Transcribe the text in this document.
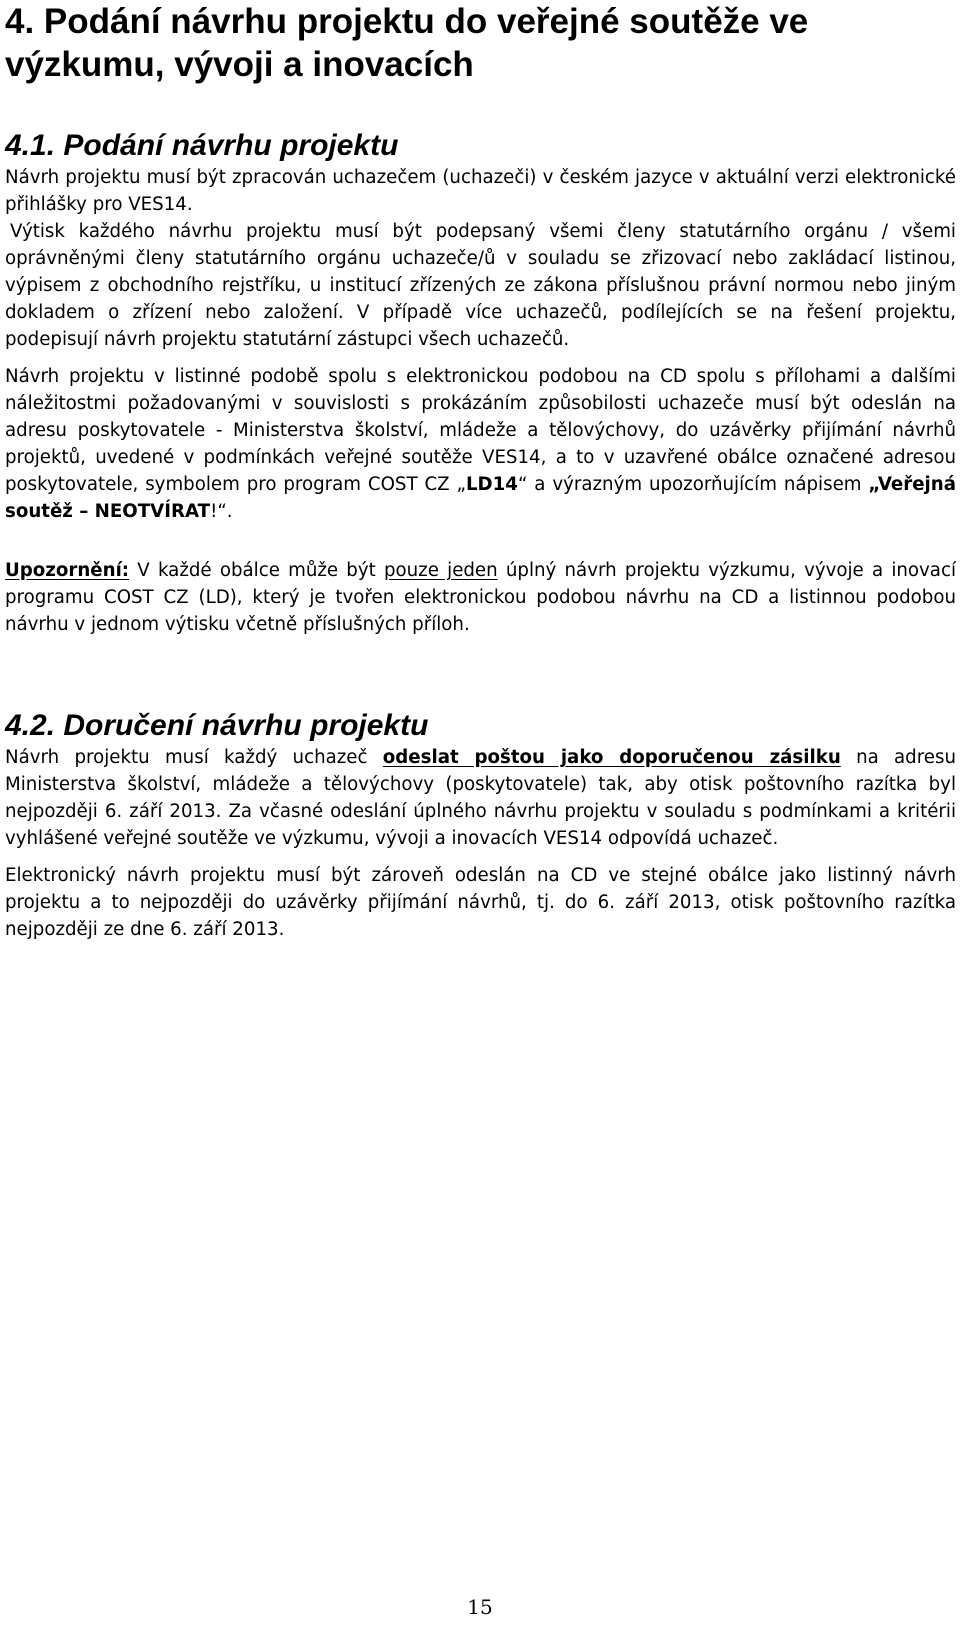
4. Podání návrhu projektu do veřejné soutěže ve výzkumu, vývoji a inovacích
4.1. Podání návrhu projektu

Návrh projektu musí být zpracován uchazečem (uchazeči) v českém jazyce v aktuální verzi elektronické přihlášky pro VES14.

Výtisk každého návrhu projektu musí být podepsaný všemi členy statutárního orgánu / všemi oprávněnými členy statutárního orgánu uchazeče/ů v souladu se zřizovací nebo zakládací listinou, výpisem z obchodního rejstříku, u institucí zřízených ze zákona příslušnou právní normou nebo jiným dokladem o zřízení nebo založení. V případě více uchazečů, podílejících se na řešení projektu, podepisují návrh projektu statutární zástupci všech uchazečů.

Návrh projektu v listinné podobě spolu s elektronickou podobou na CD spolu s přílohami a dalšími náležitostmi požadovanými v souvislosti s prokázáním způsobilosti uchazeče musí být odeslán na adresu poskytovatele - Ministerstva školství, mládeže a tělovýchovy, do uzávěrky přijímání návrhů projektů, uvedené v podmínkách veřejné soutěže VES14, a to v uzavřené obálce označené adresou poskytovatele, symbolem pro program COST CZ „LD14“ a výrazným upozorňujícím nápisem „Veřejná soutěž – NEOTVÍRAT!“.

Upozornění: V každé obálce může být pouze jeden úplný návrh projektu výzkumu, vývoje a inovací programu COST CZ (LD), který je tvořen elektronickou podobou návrhu na CD a listinnou podobou návrhu v jednom výtisku včetně příslušných příloh.

4.2. Doručení návrhu projektu

Návrh projektu musí každý uchazeč odeslat poštou jako doporučenou zásilku na adresu Ministerstva školství, mládeže a tělovýchovy (poskytovatele) tak, aby otisk poštovního razítka byl nejpozději 6. září 2013. Za včasné odeslání úplného návrhu projektu v souladu s podmínkami a kritérii vyhlášené veřejné soutěže ve výzkumu, vývoji a inovacích VES14 odpovídá uchazeč.

Elektronický návrh projektu musí být zároveň odeslán na CD ve stejné obálce jako listinný návrh projektu a to nejpozději do uzávěrky přijímání návrhů, tj. do 6. září 2013, otisk poštovního razítka nejpozději ze dne 6. září 2013.

15
